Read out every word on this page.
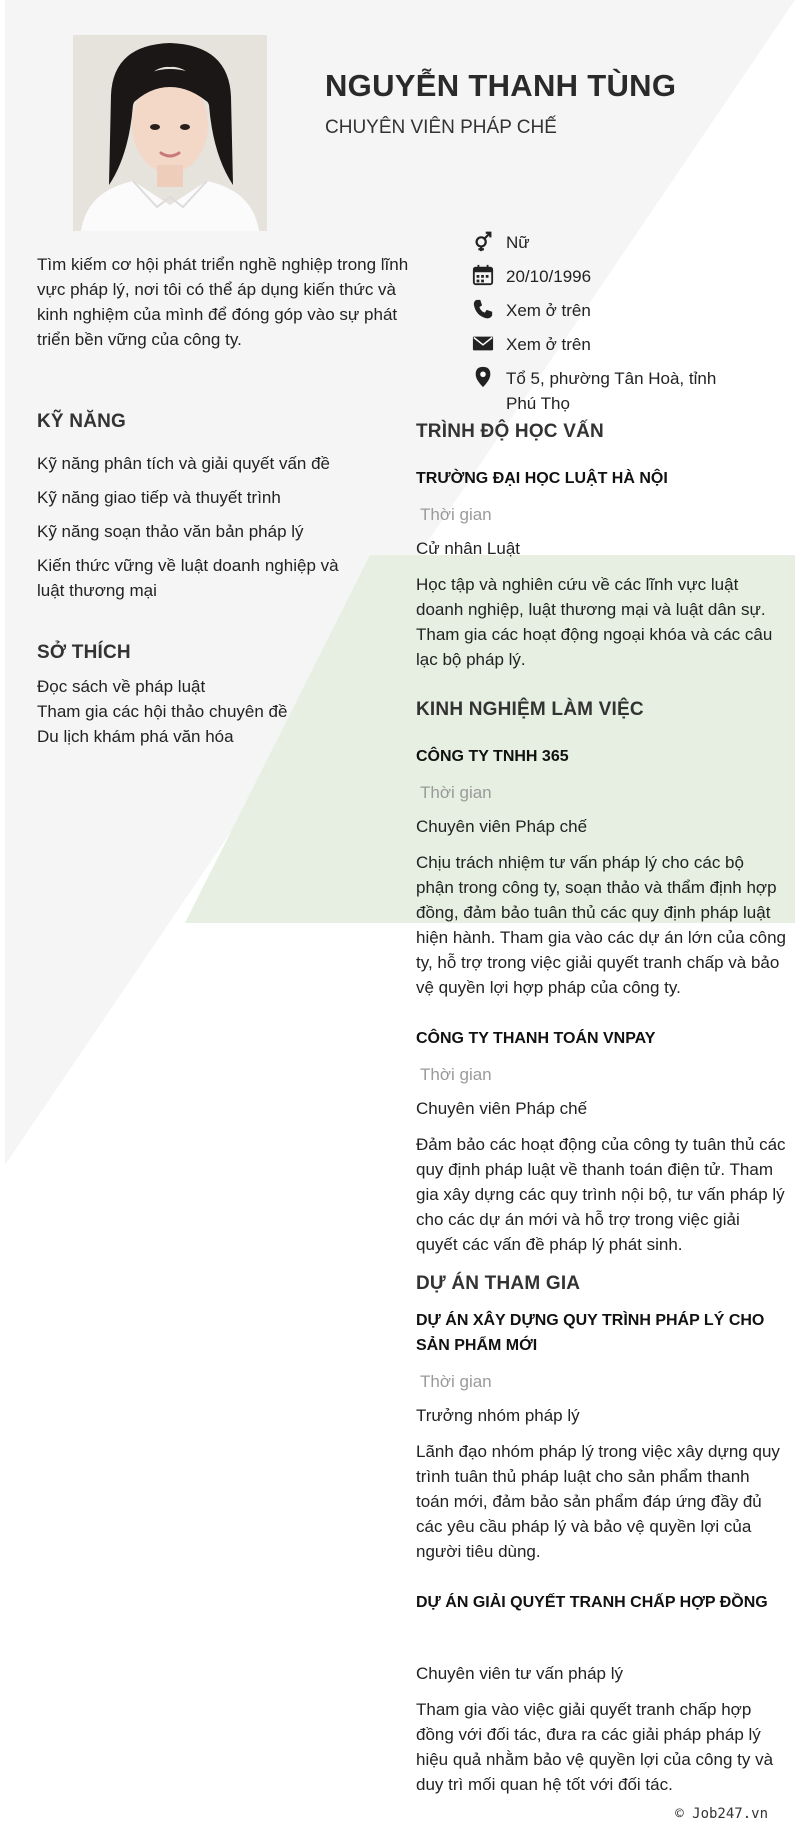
NGUYỄN THANH TÙNG
CHUYÊN VIÊN PHÁP CHẾ
Tìm kiếm cơ hội phát triển nghề nghiệp trong lĩnh vực pháp lý, nơi tôi có thể áp dụng kiến thức và kinh nghiệm của mình để đóng góp vào sự phát triển bền vững của công ty.
Nữ
20/10/1996
Xem ở trên
Xem ở trên
Tổ 5, phường Tân Hoà, tỉnh Phú Thọ
KỸ NĂNG
Kỹ năng phân tích và giải quyết vấn đề
Kỹ năng giao tiếp và thuyết trình
Kỹ năng soạn thảo văn bản pháp lý
Kiến thức vững về luật doanh nghiệp và luật thương mại
SỞ THÍCH
Đọc sách về pháp luật
Tham gia các hội thảo chuyên đề
Du lịch khám phá văn hóa
TRÌNH ĐỘ HỌC VẤN
TRƯỜNG ĐẠI HỌC LUẬT HÀ NỘI
Thời gian
Cử nhân Luật
Học tập và nghiên cứu về các lĩnh vực luật doanh nghiệp, luật thương mại và luật dân sự. Tham gia các hoạt động ngoại khóa và các câu lạc bộ pháp lý.
KINH NGHIỆM LÀM VIỆC
CÔNG TY TNHH 365
Thời gian
Chuyên viên Pháp chế
Chịu trách nhiệm tư vấn pháp lý cho các bộ phận trong công ty, soạn thảo và thẩm định hợp đồng, đảm bảo tuân thủ các quy định pháp luật hiện hành. Tham gia vào các dự án lớn của công ty, hỗ trợ trong việc giải quyết tranh chấp và bảo vệ quyền lợi hợp pháp của công ty.
CÔNG TY THANH TOÁN VNPAY
Thời gian
Chuyên viên Pháp chế
Đảm bảo các hoạt động của công ty tuân thủ các quy định pháp luật về thanh toán điện tử. Tham gia xây dựng các quy trình nội bộ, tư vấn pháp lý cho các dự án mới và hỗ trợ trong việc giải quyết các vấn đề pháp lý phát sinh.
DỰ ÁN THAM GIA
DỰ ÁN XÂY DỰNG QUY TRÌNH PHÁP LÝ CHO SẢN PHẨM MỚI
Thời gian
Trưởng nhóm pháp lý
Lãnh đạo nhóm pháp lý trong việc xây dựng quy trình tuân thủ pháp luật cho sản phẩm thanh toán mới, đảm bảo sản phẩm đáp ứng đầy đủ các yêu cầu pháp lý và bảo vệ quyền lợi của người tiêu dùng.
DỰ ÁN GIẢI QUYẾT TRANH CHẤP HỢP ĐỒNG
Chuyên viên tư vấn pháp lý
Tham gia vào việc giải quyết tranh chấp hợp đồng với đối tác, đưa ra các giải pháp pháp lý hiệu quả nhằm bảo vệ quyền lợi của công ty và duy trì mối quan hệ tốt với đối tác.
© Job247.vn
